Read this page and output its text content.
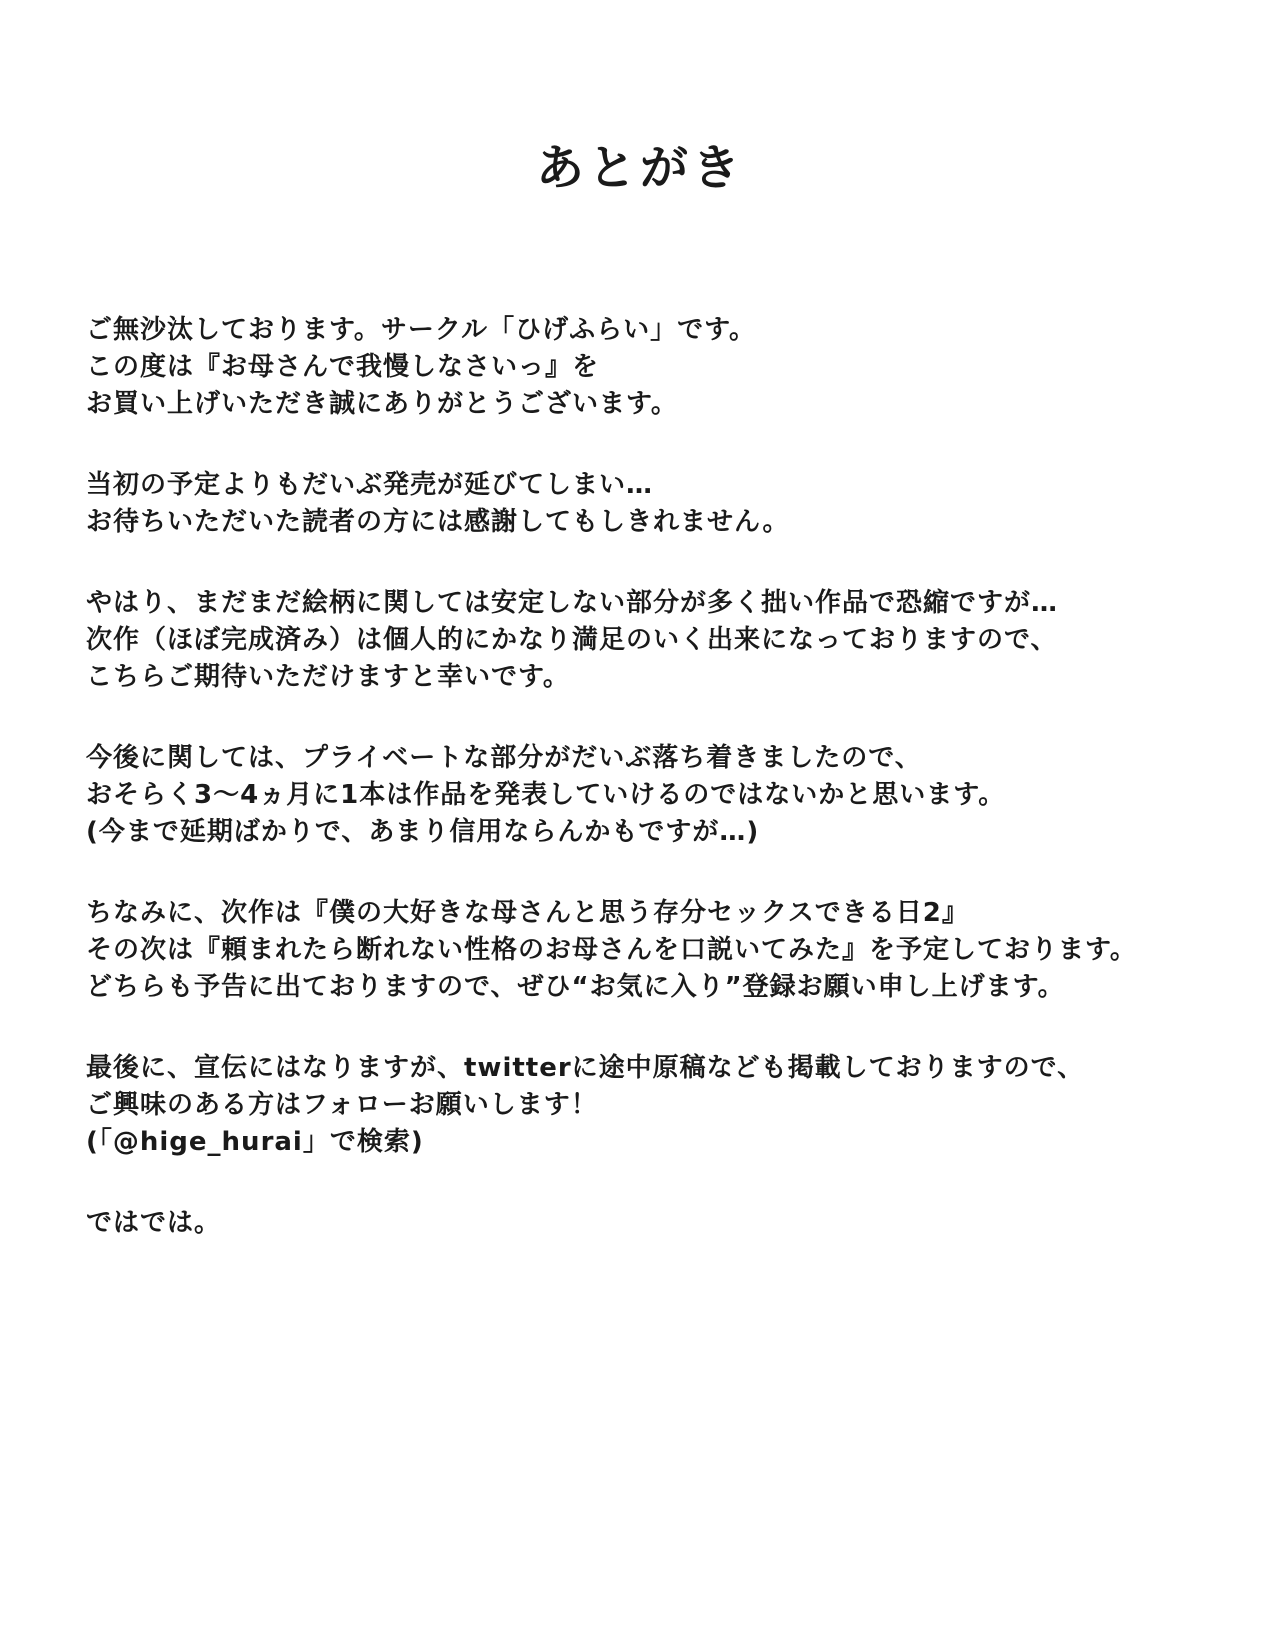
あとがき
ご無沙汰しております。サークル「ひげふらい」です。
この度は『お母さんで我慢しなさいっ』を
お買い上げいただき誠にありがとうございます。
当初の予定よりもだいぶ発売が延びてしまい…
お待ちいただいた読者の方には感謝してもしきれません。
やはり、まだまだ絵柄に関しては安定しない部分が多く拙い作品で恐縮ですが…
次作（ほぼ完成済み）は個人的にかなり満足のいく出来になっておりますので、
こちらご期待いただけますと幸いです。
今後に関しては、プライベートな部分がだいぶ落ち着きましたので、
おそらく3〜4ヵ月に1本は作品を発表していけるのではないかと思います。
(今まで延期ばかりで、あまり信用ならんかもですが…)
ちなみに、次作は『僕の大好きな母さんと思う存分セックスできる日2』
その次は『頼まれたら断れない性格のお母さんを口説いてみた』を予定しております。
どちらも予告に出ておりますので、ぜひ“お気に入り”登録お願い申し上げます。
最後に、宣伝にはなりますが、twitterに途中原稿なども掲載しておりますので、
ご興味のある方はフォローお願いします！
(「@hige_hurai」で検索)
ではでは。
